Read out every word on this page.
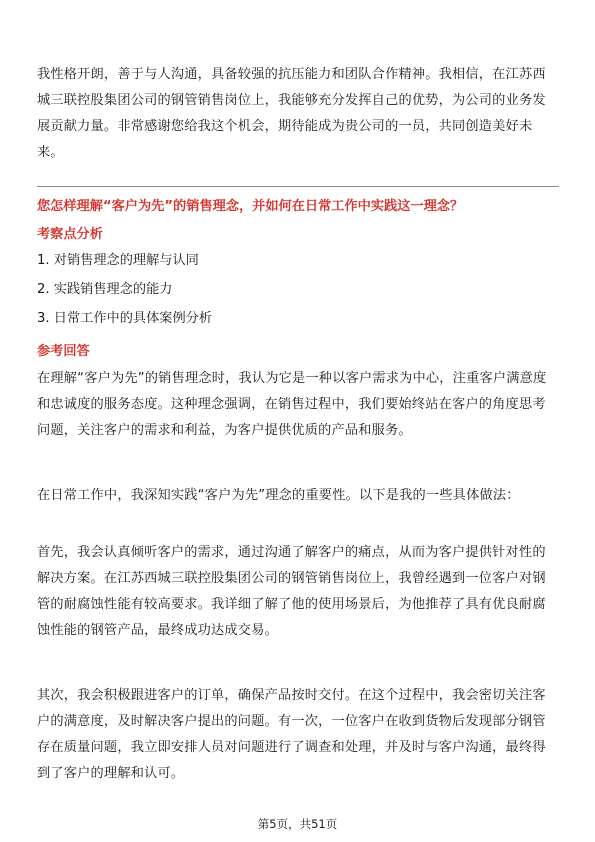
我性格开朗，善于与人沟通，具备较强的抗压能力和团队合作精神。我相信，在江苏西城三联控股集团公司的钢管销售岗位上，我能够充分发挥自己的优势，为公司的业务发展贡献力量。非常感谢您给我这个机会，期待能成为贵公司的一员，共同创造美好未来。

您怎样理解“客户为先”的销售理念，并如何在日常工作中实践这一理念？

考察点分析

1. 对销售理念的理解与认同

2. 实践销售理念的能力

3. 日常工作中的具体案例分析

参考回答

在理解“客户为先”的销售理念时，我认为它是一种以客户需求为中心，注重客户满意度和忠诚度的服务态度。这种理念强调，在销售过程中，我们要始终站在客户的角度思考问题，关注客户的需求和利益，为客户提供优质的产品和服务。

在日常工作中，我深知实践“客户为先”理念的重要性。以下是我的一些具体做法：

首先，我会认真倾听客户的需求，通过沟通了解客户的痛点，从而为客户提供针对性的解决方案。在江苏西城三联控股集团公司的钢管销售岗位上，我曾经遇到一位客户对钢管的耐腐蚀性能有较高要求。我详细了解了他的使用场景后，为他推荐了具有优良耐腐蚀性能的钢管产品，最终成功达成交易。

其次，我会积极跟进客户的订单，确保产品按时交付。在这个过程中，我会密切关注客户的满意度，及时解决客户提出的问题。有一次，一位客户在收到货物后发现部分钢管存在质量问题，我立即安排人员对问题进行了调查和处理，并及时与客户沟通，最终得到了客户的理解和认可。

第5页，共51页
